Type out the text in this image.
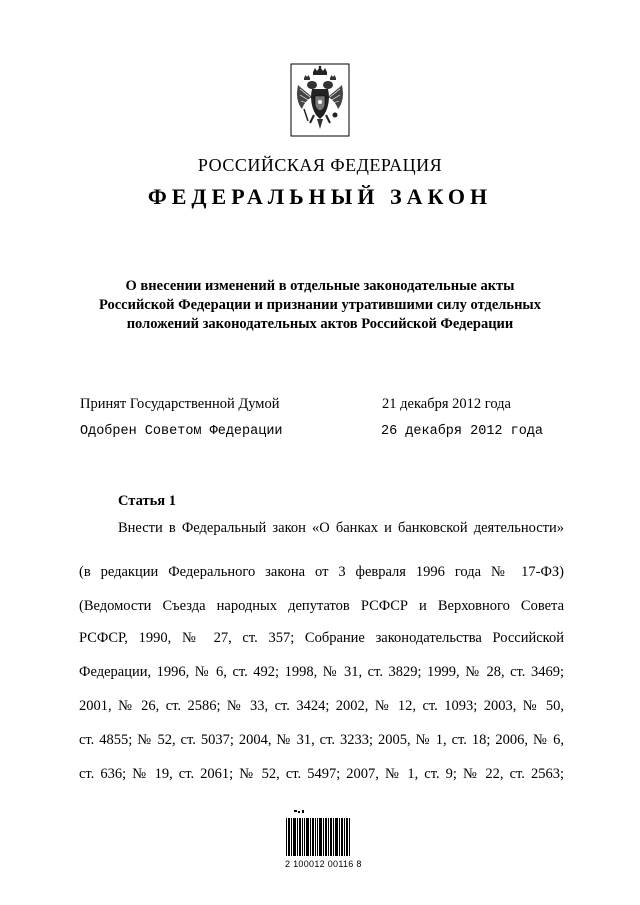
РОССИЙСКАЯ ФЕДЕРАЦИЯ
ФЕДЕРАЛЬНЫЙ ЗАКОН
О внесении изменений в отдельные законодательные акты
Российской Федерации и признании утратившими силу отдельных
положений законодательных актов Российской Федерации
Принят Государственной Думой	21 декабря 2012 года
Одобрен Советом Федерации	26 декабря 2012 года
Статья 1
Внести в Федеральный закон «О банках и банковской деятельности»
(в редакции Федерального закона от 3 февраля 1996 года № 17-ФЗ)
(Ведомости Съезда народных депутатов РСФСР и Верховного Совета
РСФСР, 1990, № 27, ст. 357; Собрание законодательства Российской
Федерации, 1996, № 6, ст. 492; 1998, № 31, ст. 3829; 1999, № 28, ст. 3469;
2001, № 26, ст. 2586; № 33, ст. 3424; 2002, № 12, ст. 1093; 2003, № 50,
ст. 4855; № 52, ст. 5037; 2004, № 31, ст. 3233; 2005, № 1, ст. 18; 2006, № 6,
ст. 636; № 19, ст. 2061; № 52, ст. 5497; 2007, № 1, ст. 9; № 22, ст. 2563;
2 100012 00116 8
